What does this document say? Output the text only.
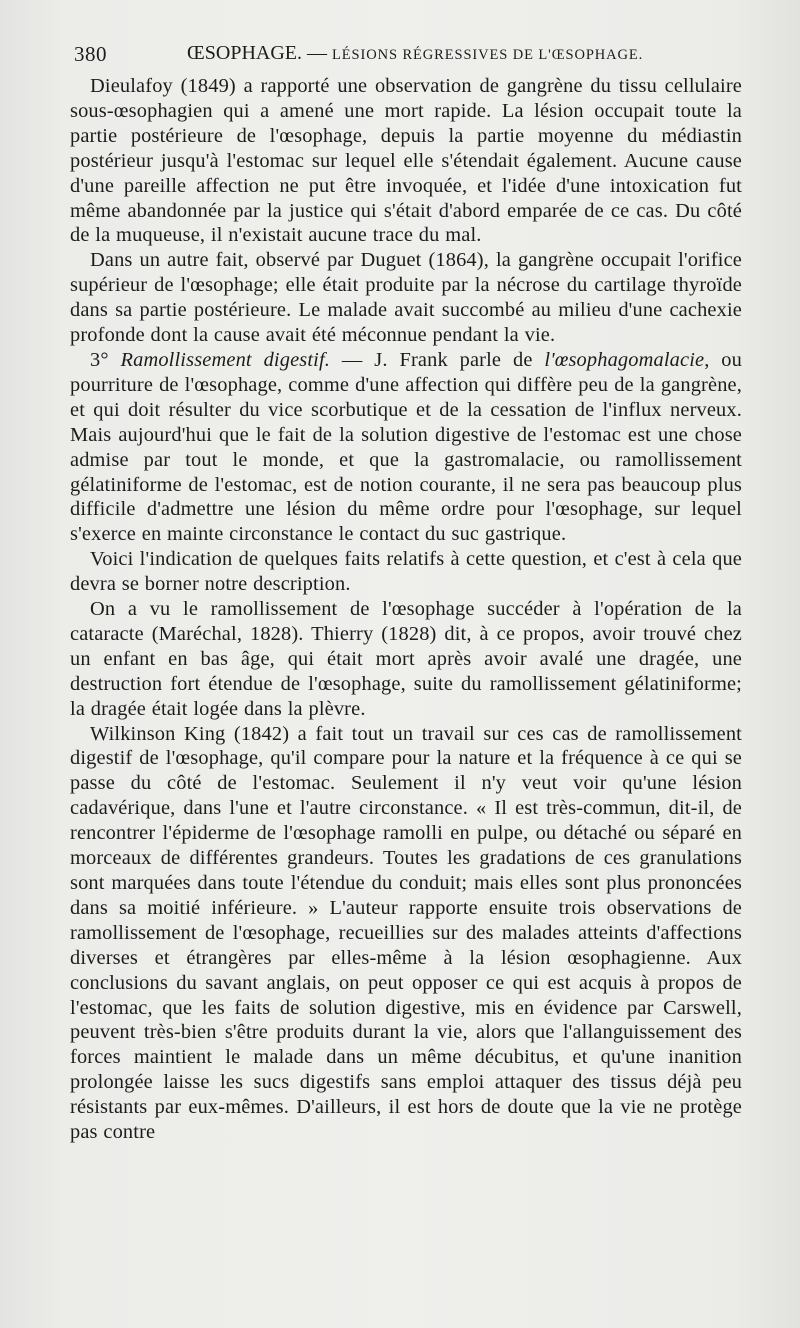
380	ŒSOPHAGE. — LÉSIONS RÉGRESSIVES DE L'ŒSOPHAGE.

Dieulafoy (1849) a rapporté une observation de gangrène du tissu cellulaire sous-œsophagien qui a amené une mort rapide. La lésion occupait toute la partie postérieure de l'œsophage, depuis la partie moyenne du médiastin postérieur jusqu'à l'estomac sur lequel elle s'étendait également. Aucune cause d'une pareille affection ne put être invoquée, et l'idée d'une intoxication fut même abandonnée par la justice qui s'était d'abord emparée de ce cas. Du côté de la muqueuse, il n'existait aucune trace du mal.

Dans un autre fait, observé par Duguet (1864), la gangrène occupait l'orifice supérieur de l'œsophage; elle était produite par la nécrose du cartilage thyroïde dans sa partie postérieure. Le malade avait succombé au milieu d'une cachexie profonde dont la cause avait été méconnue pendant la vie.

3° Ramollissement digestif. — J. Frank parle de l'œsophagomalacie, ou pourriture de l'œsophage, comme d'une affection qui diffère peu de la gangrène, et qui doit résulter du vice scorbutique et de la cessation de l'influx nerveux. Mais aujourd'hui que le fait de la solution digestive de l'estomac est une chose admise par tout le monde, et que la gastromalacie, ou ramollissement gélatiniforme de l'estomac, est de notion courante, il ne sera pas beaucoup plus difficile d'admettre une lésion du même ordre pour l'œsophage, sur lequel s'exerce en mainte circonstance le contact du suc gastrique.

Voici l'indication de quelques faits relatifs à cette question, et c'est à cela que devra se borner notre description.

On a vu le ramollissement de l'œsophage succéder à l'opération de la cataracte (Maréchal, 1828). Thierry (1828) dit, à ce propos, avoir trouvé chez un enfant en bas âge, qui était mort après avoir avalé une dragée, une destruction fort étendue de l'œsophage, suite du ramollissement gélatiniforme; la dragée était logée dans la plèvre.

Wilkinson King (1842) a fait tout un travail sur ces cas de ramollissement digestif de l'œsophage, qu'il compare pour la nature et la fréquence à ce qui se passe du côté de l'estomac. Seulement il n'y veut voir qu'une lésion cadavérique, dans l'une et l'autre circonstance. « Il est très-commun, dit-il, de rencontrer l'épiderme de l'œsophage ramolli en pulpe, ou détaché ou séparé en morceaux de différentes grandeurs. Toutes les gradations de ces granulations sont marquées dans toute l'étendue du conduit; mais elles sont plus prononcées dans sa moitié inférieure. » L'auteur rapporte ensuite trois observations de ramollissement de l'œsophage, recueillies sur des malades atteints d'affections diverses et étrangères par elles-même à la lésion œsophagienne. Aux conclusions du savant anglais, on peut opposer ce qui est acquis à propos de l'estomac, que les faits de solution digestive, mis en évidence par Carswell, peuvent très-bien s'être produits durant la vie, alors que l'allanguissement des forces maintient le malade dans un même décubitus, et qu'une inanition prolongée laisse les sucs digestifs sans emploi attaquer des tissus déjà peu résistants par eux-mêmes. D'ailleurs, il est hors de doute que la vie ne protège pas contre
